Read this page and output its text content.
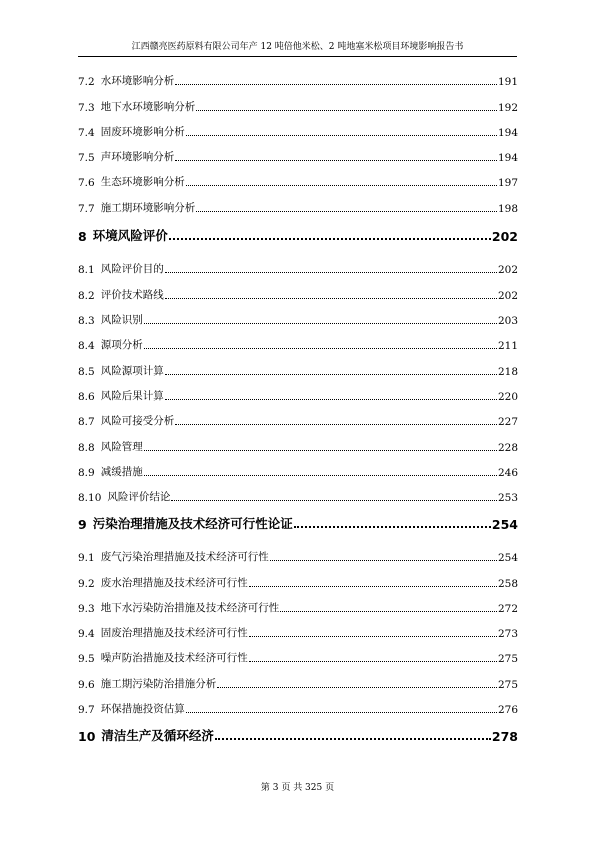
江西赣亮医药原料有限公司年产 12 吨倍他米松、2 吨地塞米松项目环境影响报告书
7.2 水环境影响分析	191
7.3 地下水环境影响分析	192
7.4 固废环境影响分析	194
7.5 声环境影响分析	194
7.6 生态环境影响分析	197
7.7 施工期环境影响分析	198
8 环境风险评价	202
8.1 风险评价目的	202
8.2 评价技术路线	202
8.3 风险识别	203
8.4 源项分析	211
8.5 风险源项计算	218
8.6 风险后果计算	220
8.7 风险可接受分析	227
8.8 风险管理	228
8.9 减缓措施	246
8.10 风险评价结论	253
9 污染治理措施及技术经济可行性论证	254
9.1 废气污染治理措施及技术经济可行性	254
9.2 废水治理措施及技术经济可行性	258
9.3 地下水污染防治措施及技术经济可行性	272
9.4 固废治理措施及技术经济可行性	273
9.5 噪声防治措施及技术经济可行性	275
9.6 施工期污染防治措施分析	275
9.7 环保措施投资估算	276
10 清洁生产及循环经济	278
第 3 页 共 325 页
